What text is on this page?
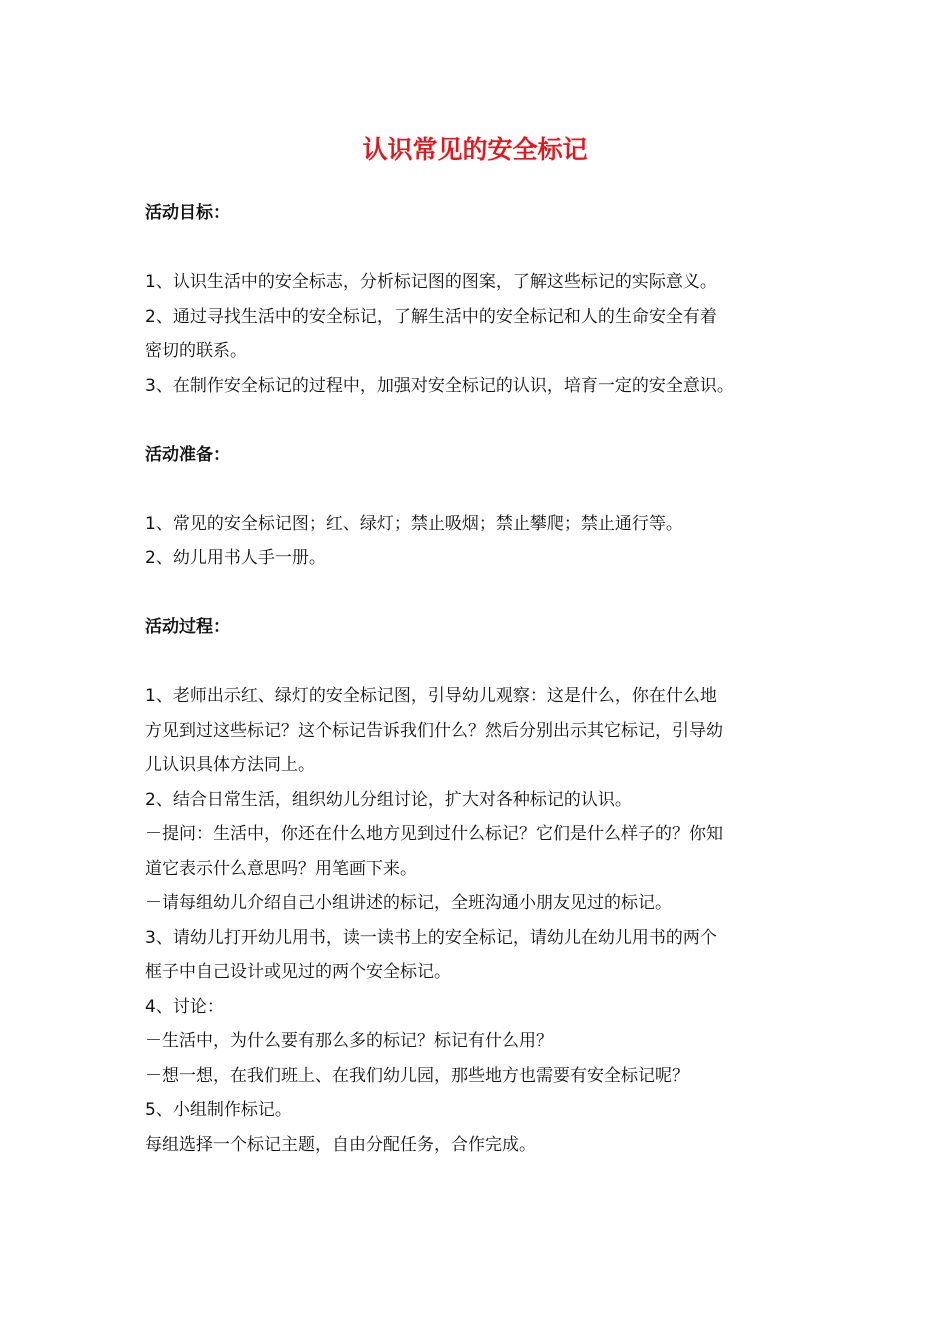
认识常见的安全标记

活动目标：

1、认识生活中的安全标志，分析标记图的图案，了解这些标记的实际意义。

2、通过寻找生活中的安全标记，了解生活中的安全标记和人的生命安全有着

密切的联系。

3、在制作安全标记的过程中，加强对安全标记的认识，培育一定的安全意识。

活动准备：

1、常见的安全标记图；红、绿灯；禁止吸烟；禁止攀爬；禁止通行等。

2、幼儿用书人手一册。

活动过程：

1、老师出示红、绿灯的安全标记图，引导幼儿观察：这是什么，你在什么地

方见到过这些标记？这个标记告诉我们什么？然后分别出示其它标记，引导幼

儿认识具体方法同上。

2、结合日常生活，组织幼儿分组讨论，扩大对各种标记的认识。

－提问：生活中，你还在什么地方见到过什么标记？它们是什么样子的？你知

道它表示什么意思吗？用笔画下来。

－请每组幼儿介绍自己小组讲述的标记，全班沟通小朋友见过的标记。

3、请幼儿打开幼儿用书，读一读书上的安全标记，请幼儿在幼儿用书的两个

框子中自己设计或见过的两个安全标记。

4、讨论：

－生活中，为什么要有那么多的标记？标记有什么用？

－想一想，在我们班上、在我们幼儿园，那些地方也需要有安全标记呢？

5、小组制作标记。

每组选择一个标记主题，自由分配任务，合作完成。
